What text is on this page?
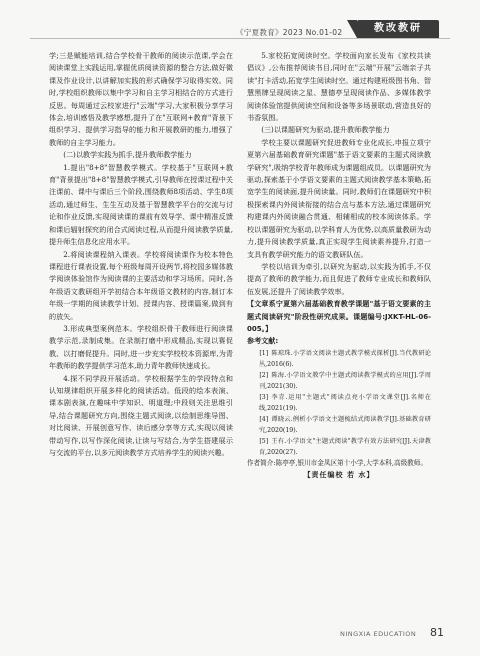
《宁夏教育》2023 No.01-02	教改教研

学;三是赋能培训,结合学校骨干教师的阅读示范课,学会在阅读课堂上实践运用,掌握优质阅读资源的整合方法,做好微课及作业设计,以讲解加实践的形式确保学习取得实效。同时,学校组织教师以集中学习和自主学习相结合的方式进行反思。每周通过云校家进行"云端"学习,大家积极分享学习体会,培训感悟及教学感想,提升了在"互联网+教育"背景下组织学习、提供学习指导的能力和开展教研的能力,增强了教师的自主学习能力。

(二)以教学实践为抓手,提升教师教学能力

1.提出"8+8"智慧教学模式。学校基于"互联网+教育"背景提出"8+8"智慧教学模式,引导教师在授课过程中关注课前、课中与课后三个阶段,围绕教师8项活动、学生8项活动,通过师生、生生互动及基于智慧教学平台的交流与讨论和作业反馈,实现阅读课的课前有效导学、课中精准反馈和课后辐射探究的闭合式阅读过程,从而提升阅读教学质量,提升师生信息化应用水平。

2.将阅读课程纳入课表。学校将阅读课作为校本特色课程进行课表设置,每个班级每周开设两节,将校园多媒体教学阅读体验馆作为阅读课的主要活动和学习场所。同时,各年级语文教研组开学初结合本年级语文教材的内容,制订本年级一学期的阅读教学计划、授课内容、授课篇案,做到有的放矢。

3.形成典型案例范本。学校组织骨干教师进行阅读课教学示范,录制成集。在录制打磨中形成精品,实现以赛促教、以打磨促提升。同时,进一步充实学校校本资源库,为青年教师的教学提供学习范本,助力青年教师快速成长。

4.探不同学段开展活动。学校根据学生的学段特点和认知规律组织开展多样化的阅读活动。低段的绘本表演、课本剧表演,在趣味中学知识、明道理;中段则关注思维引导,结合课题研究方向,围绕主题式阅读,以绘制思维导图、对比阅读、开展创意写作、读后感分享等方式,实现以阅读带动写作,以写作深化阅读,让读与写结合,为学生搭建展示与交流的平台,以多元阅读教学方式培养学生的阅读兴趣。

5.家校拓宽阅读时空。学校面向家长发布《家校共读倡议》,公布推荐阅读书目,同时在"云端"开展"云端亲子共读"打卡活动,拓宽学生阅读时空。通过构建班级图书角、智慧黑牌呈现阅读之星、慧德亭呈现阅读作品、多媒体教学阅读体验馆提供阅读空间和设备等多场景联动,营造良好的书香氛围。

(三)以课题研究为驱动,提升教师教学能力

学校主要以课题研究促进教师专业化成长,申报立项宁夏第六届基础教育研究课题"基于语文要素的主题式阅读教学研究",吸纳学校青年教师成为课题组成员。以课题研究为驱动,探索基于小学语文要素的主题式阅读教学基本策略,拓宽学生的阅读面,提升阅读量。同时,教师们在课题研究中积极探索课内外阅读衔接的结合点与基本方法,通过课题研究构建课内外阅读融合贯通、相辅相成的校本阅读体系。学校以课题研究为驱动,以学科育人为优势,以高质量教研为动力,提升阅读教学质量,真正实现学生阅读素养提升,打造一支具有教学研究能力的语文教研队伍。

学校以培训为牵引,以研究为驱动,以实践为抓手,不仅提高了教师的教学能力,而且促进了教师专业成长和教师队伍发展,还提升了阅读教学效率。

【文章系宁夏第六届基础教育教学课题"基于语文要素的主题式阅读研究"阶段性研究成果。课题编号:JXKT-HL-06-005。】

参考文献:

[1] 陈琼珠.小学语文阅读主题式教学模式探析[J].当代教研论丛,2016(6).

[2] 陈海.小学语文教学中主题式阅读教学模式的应用[J].学周刊,2021(30).

[3] 李青.运用"主题式"阅读点亮小学语文课堂[J].名师在线,2021(19).

[4] 谭晓云.例析小学语文主题梳结式阅读教学[J].基础教育研究,2020(19).

[5] 王有.小学语文"主题式阅读"教学有效方法研究[J].天津教育,2020(27).

作者简介:陈亭亭,银川市金凤区第十小学,大学本科,高级教师。

【责任编校 若 水】

NINGXIA EDUCATION 81
